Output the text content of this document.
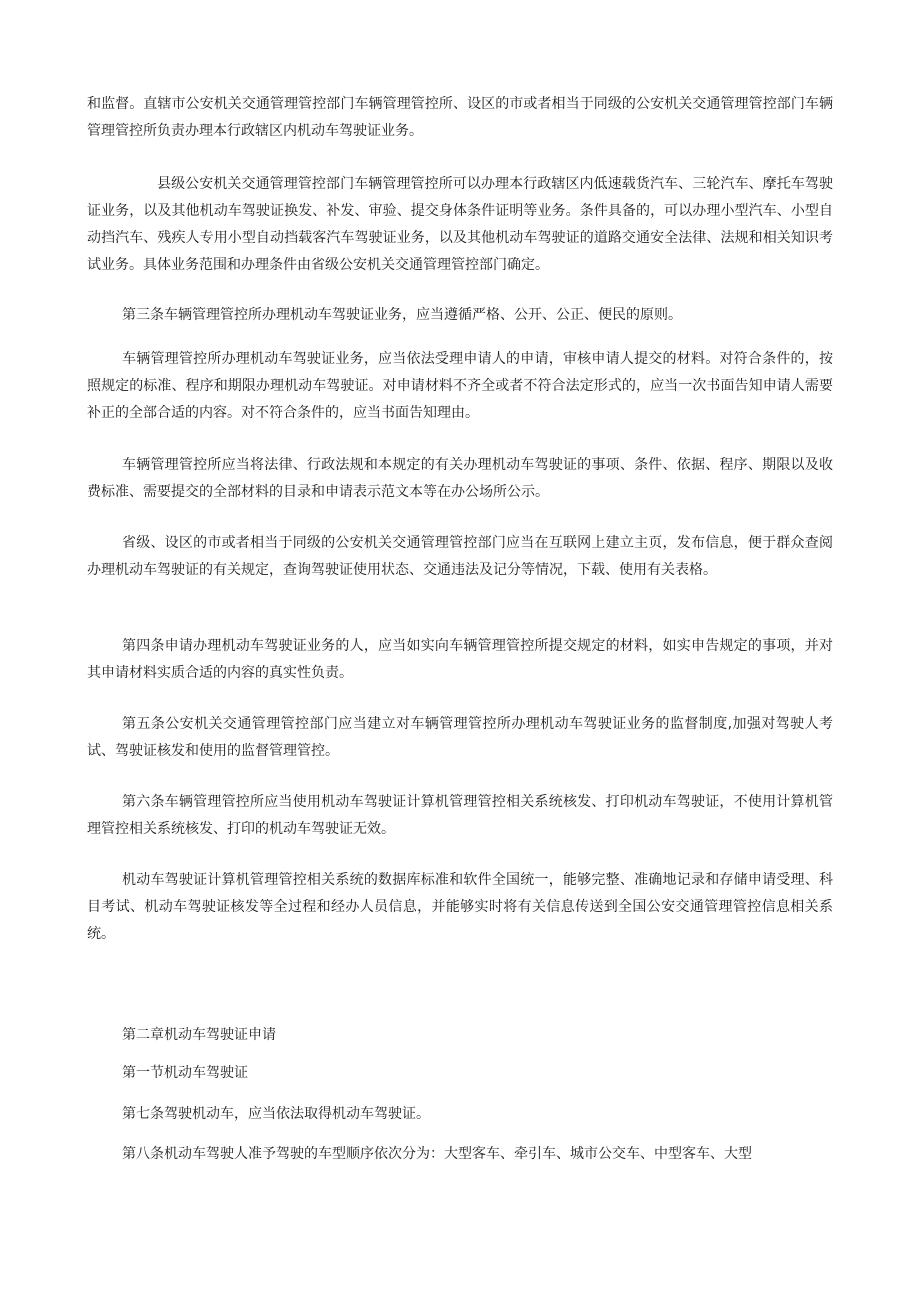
和监督。直辖市公安机关交通管理管控部门车辆管理管控所、设区的市或者相当于同级的公安机关交通管理管控部门车辆管理管控所负责办理本行政辖区内机动车驾驶证业务。

县级公安机关交通管理管控部门车辆管理管控所可以办理本行政辖区内低速载货汽车、三轮汽车、摩托车驾驶证业务，以及其他机动车驾驶证换发、补发、审验、提交身体条件证明等业务。条件具备的，可以办理小型汽车、小型自动挡汽车、残疾人专用小型自动挡载客汽车驾驶证业务，以及其他机动车驾驶证的道路交通安全法律、法规和相关知识考试业务。具体业务范围和办理条件由省级公安机关交通管理管控部门确定。

第三条车辆管理管控所办理机动车驾驶证业务，应当遵循严格、公开、公正、便民的原则。

车辆管理管控所办理机动车驾驶证业务，应当依法受理申请人的申请，审核申请人提交的材料。对符合条件的，按照规定的标准、程序和期限办理机动车驾驶证。对申请材料不齐全或者不符合法定形式的，应当一次书面告知申请人需要补正的全部合适的内容。对不符合条件的，应当书面告知理由。

车辆管理管控所应当将法律、行政法规和本规定的有关办理机动车驾驶证的事项、条件、依据、程序、期限以及收费标准、需要提交的全部材料的目录和申请表示范文本等在办公场所公示。

省级、设区的市或者相当于同级的公安机关交通管理管控部门应当在互联网上建立主页，发布信息，便于群众查阅办理机动车驾驶证的有关规定，查询驾驶证使用状态、交通违法及记分等情况，下载、使用有关表格。

第四条申请办理机动车驾驶证业务的人，应当如实向车辆管理管控所提交规定的材料，如实申告规定的事项，并对其申请材料实质合适的内容的真实性负责。

第五条公安机关交通管理管控部门应当建立对车辆管理管控所办理机动车驾驶证业务的监督制度,加强对驾驶人考试、驾驶证核发和使用的监督管理管控。

第六条车辆管理管控所应当使用机动车驾驶证计算机管理管控相关系统核发、打印机动车驾驶证，不使用计算机管理管控相关系统核发、打印的机动车驾驶证无效。

机动车驾驶证计算机管理管控相关系统的数据库标准和软件全国统一，能够完整、准确地记录和存储申请受理、科目考试、机动车驾驶证核发等全过程和经办人员信息，并能够实时将有关信息传送到全国公安交通管理管控信息相关系统。

第二章机动车驾驶证申请

第一节机动车驾驶证

第七条驾驶机动车，应当依法取得机动车驾驶证。

第八条机动车驾驶人准予驾驶的车型顺序依次分为：大型客车、牵引车、城市公交车、中型客车、大型
